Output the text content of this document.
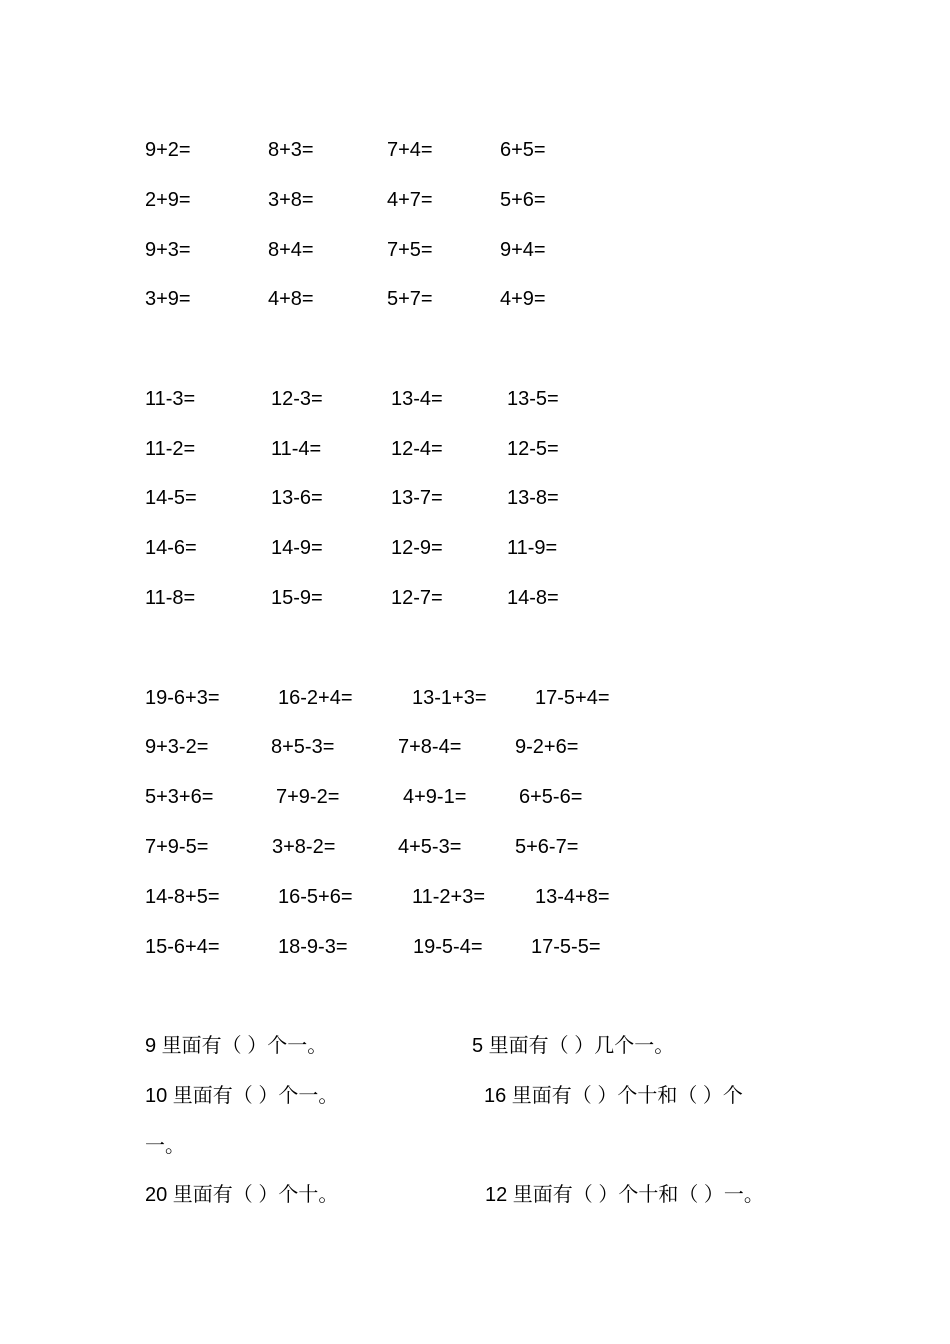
9+2=	8+3=	7+4=	6+5=
2+9=	3+8=	4+7=	5+6=
9+3=	8+4=	7+5=	9+4=
3+9=	4+8=	5+7=	4+9=
11-3=	12-3=	13-4=	13-5=
11-2=	11-4=	12-4=	12-5=
14-5=	13-6=	13-7=	13-8=
14-6=	14-9=	12-9=	11-9=
11-8=	15-9=	12-7=	14-8=
19-6+3=	16-2+4=	13-1+3= 17-5+4=
9+3-2=	8+5-3=	7+8-4=	9-2+6=
5+3+6=	7+9-2=	4+9-1=	6+5-6=
7+9-5=	3+8-2=	4+5-3=	5+6-7=
14-8+5=	16-5+6=	11-2+3= 13-4+8=
15-6+4=	18-9-3=	19-5-4= 17-5-5=
9 里面有（ ）个一。	5 里面有（ ）几个一。
10 里面有（ ）个一。	16 里面有（ ）个十和（ ）个
一。
20 里面有（ ）个十。	12 里面有（ ）个十和（ ）一。
